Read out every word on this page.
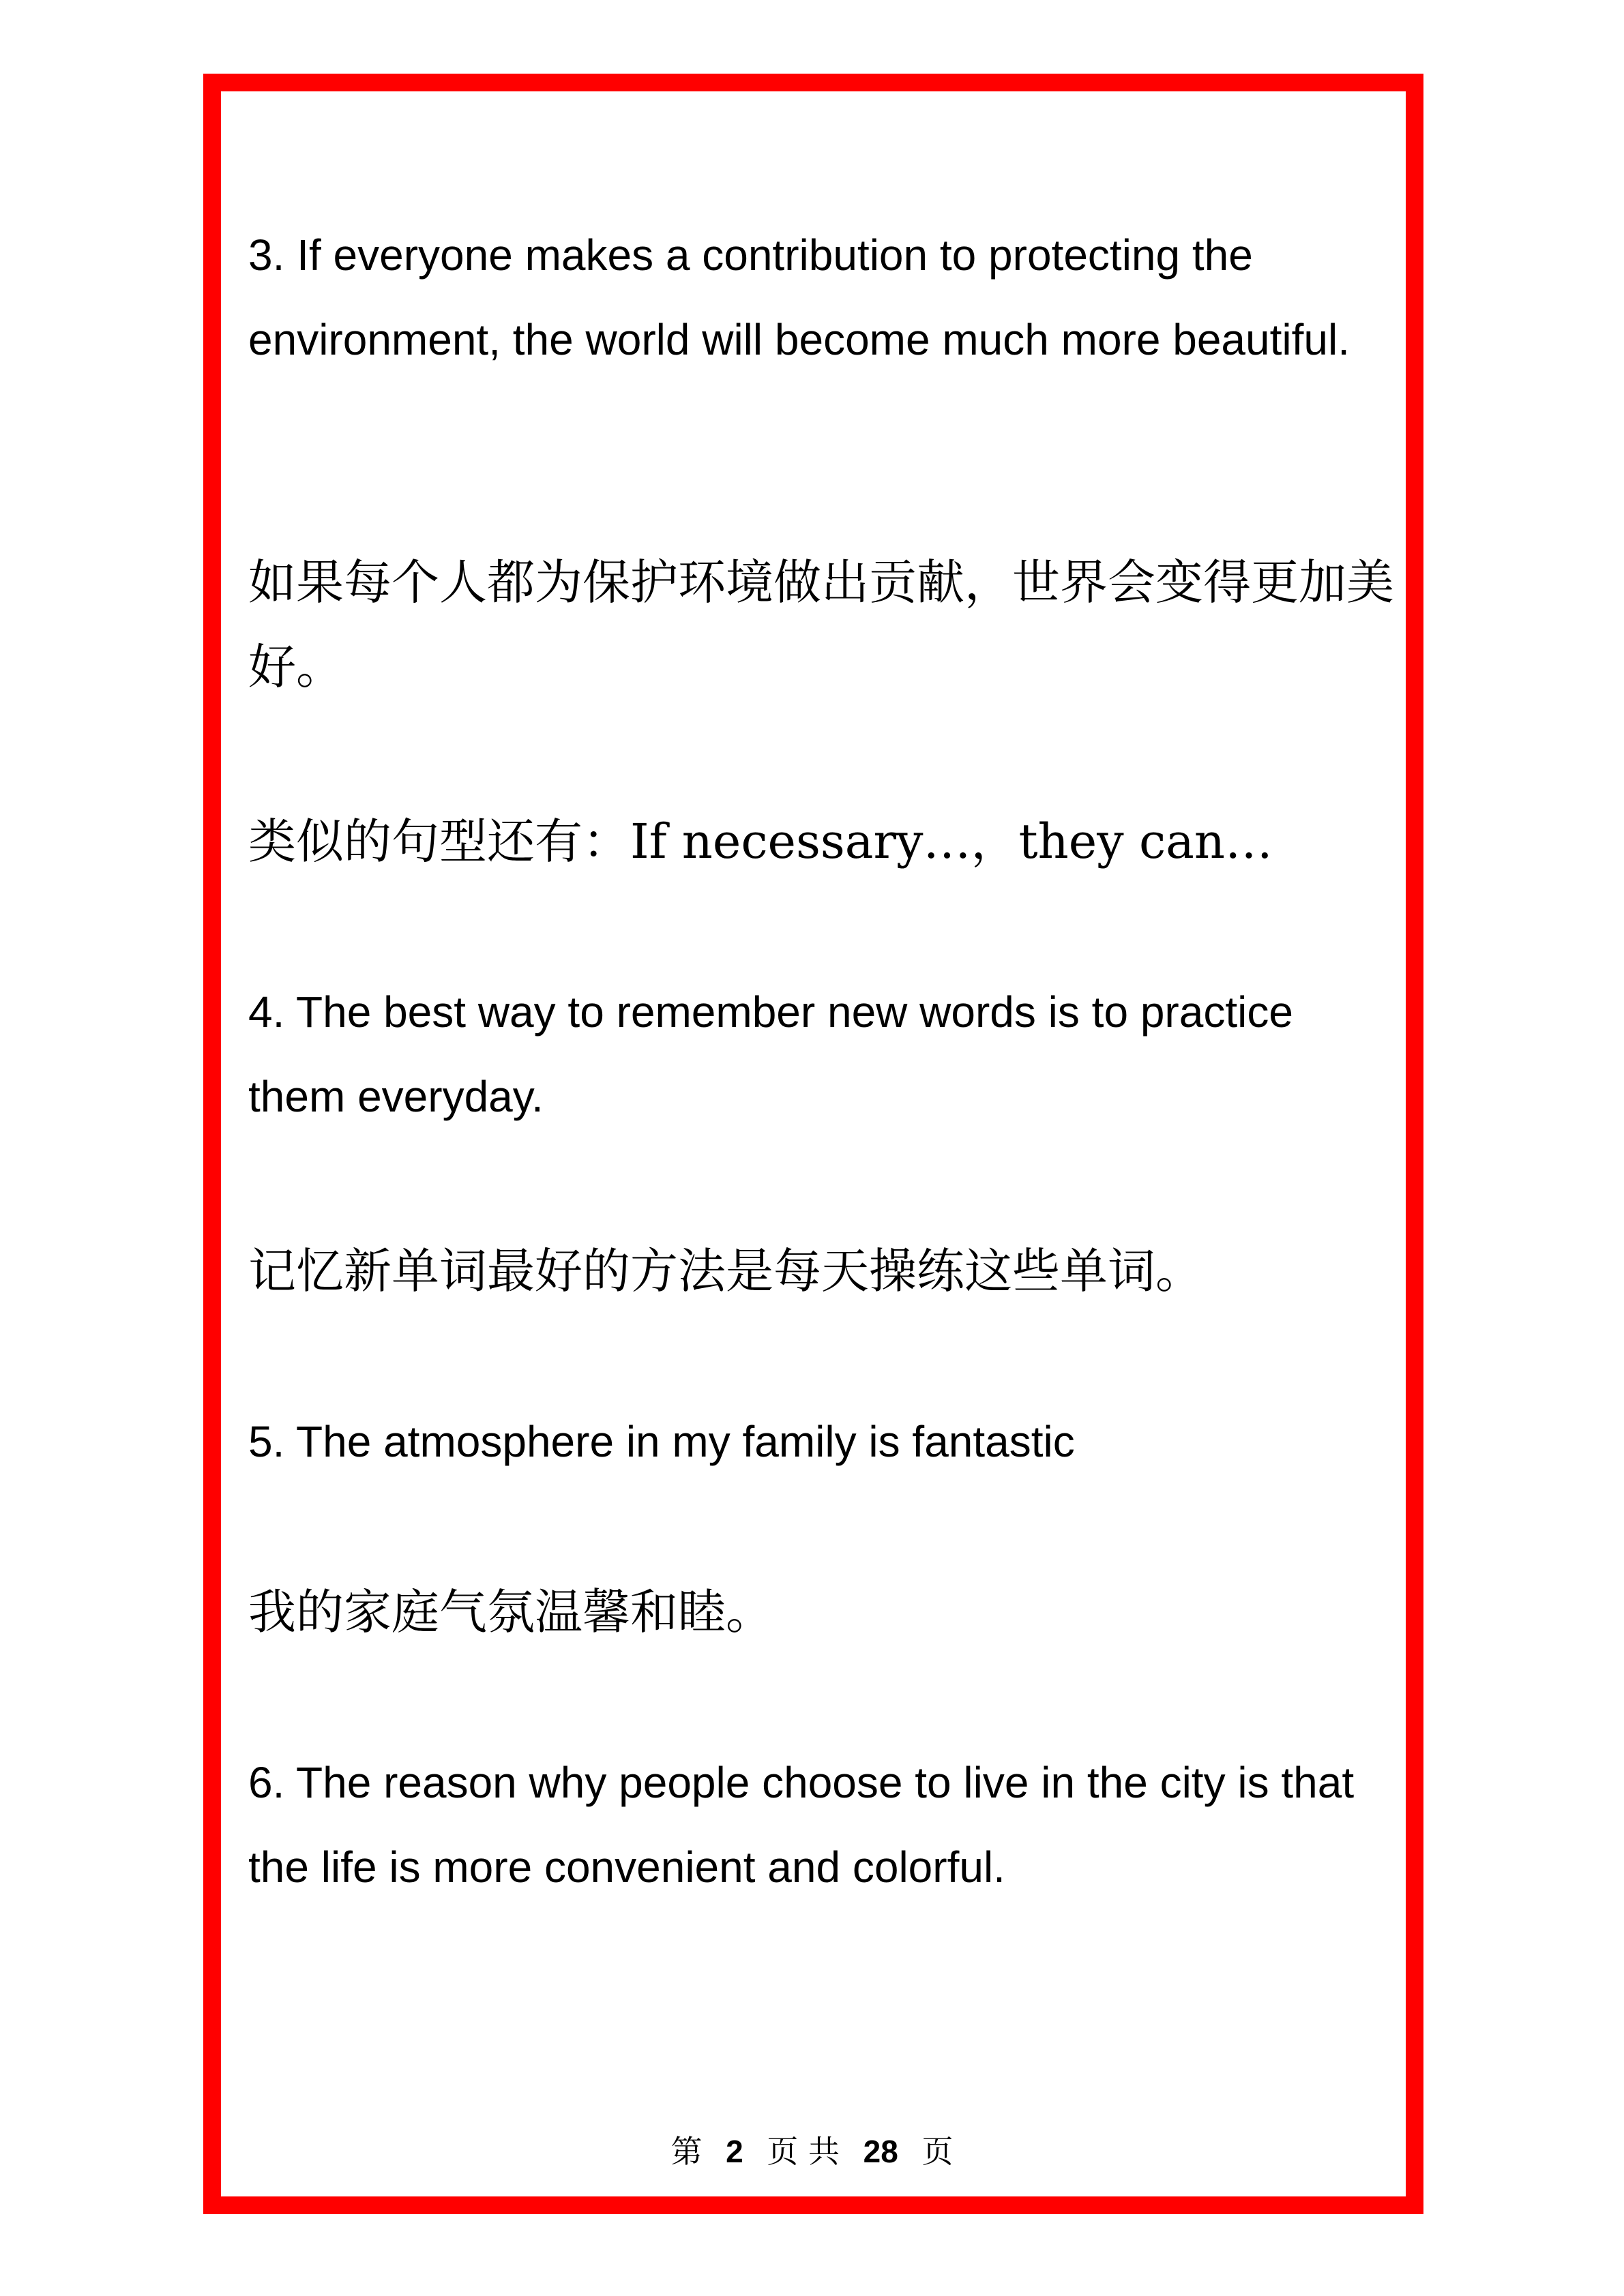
3. If everyone makes a contribution to protecting the environment, the world will become much more beautiful.

如果每个人都为保护环境做出贡献，世界会变得更加美好。

类似的句型还有：If necessary…，they can…

4. The best way to remember new words is to practice them everyday.

记忆新单词最好的方法是每天操练这些单词。

5. The atmosphere in my family is fantastic

我的家庭气氛温馨和睦。

6. The reason why people choose to live in the city is that the life is more convenient and colorful.

第 2 页 共 28 页
